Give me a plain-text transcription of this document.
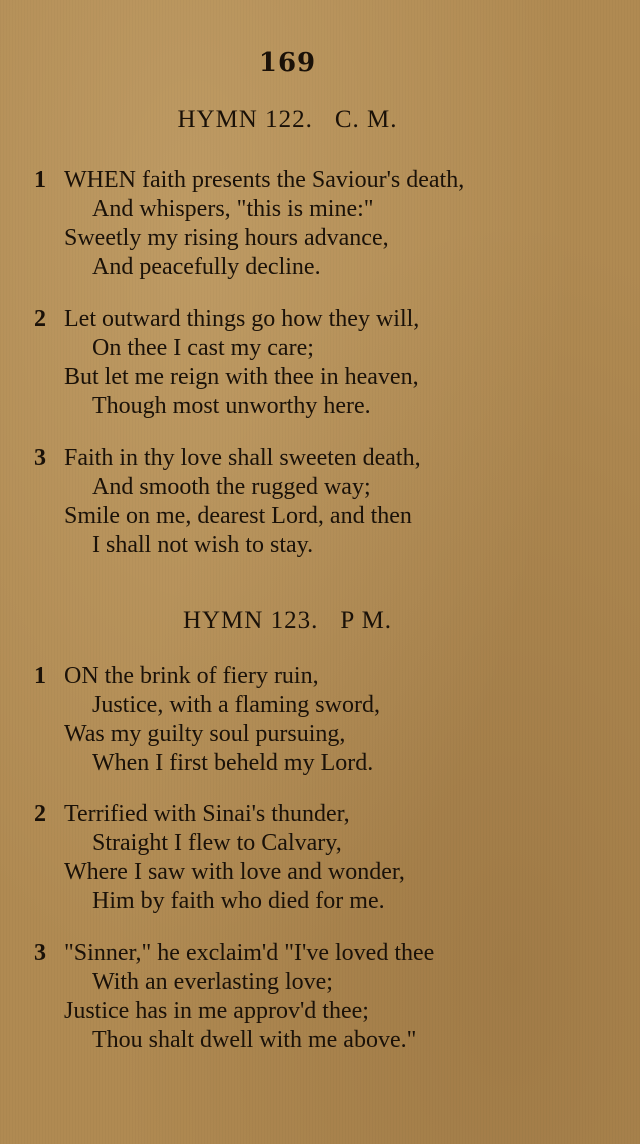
169
HYMN 122. C. M.
1 WHEN faith presents the Saviour's death,
And whispers, "this is mine:"
Sweetly my rising hours advance,
And peacefully decline.
2 Let outward things go how they will,
On thee I cast my care;
But let me reign with thee in heaven,
Though most unworthy here.
3 Faith in thy love shall sweeten death,
And smooth the rugged way;
Smile on me, dearest Lord, and then
I shall not wish to stay.
HYMN 123. P M.
1 ON the brink of fiery ruin,
Justice, with a flaming sword,
Was my guilty soul pursuing,
When I first beheld my Lord.
2 Terrified with Sinai's thunder,
Straight I flew to Calvary,
Where I saw with love and wonder,
Him by faith who died for me.
3 "Sinner," he exclaim'd "I've loved thee
With an everlasting love;
Justice has in me approv'd thee;
Thou shalt dwell with me above."
